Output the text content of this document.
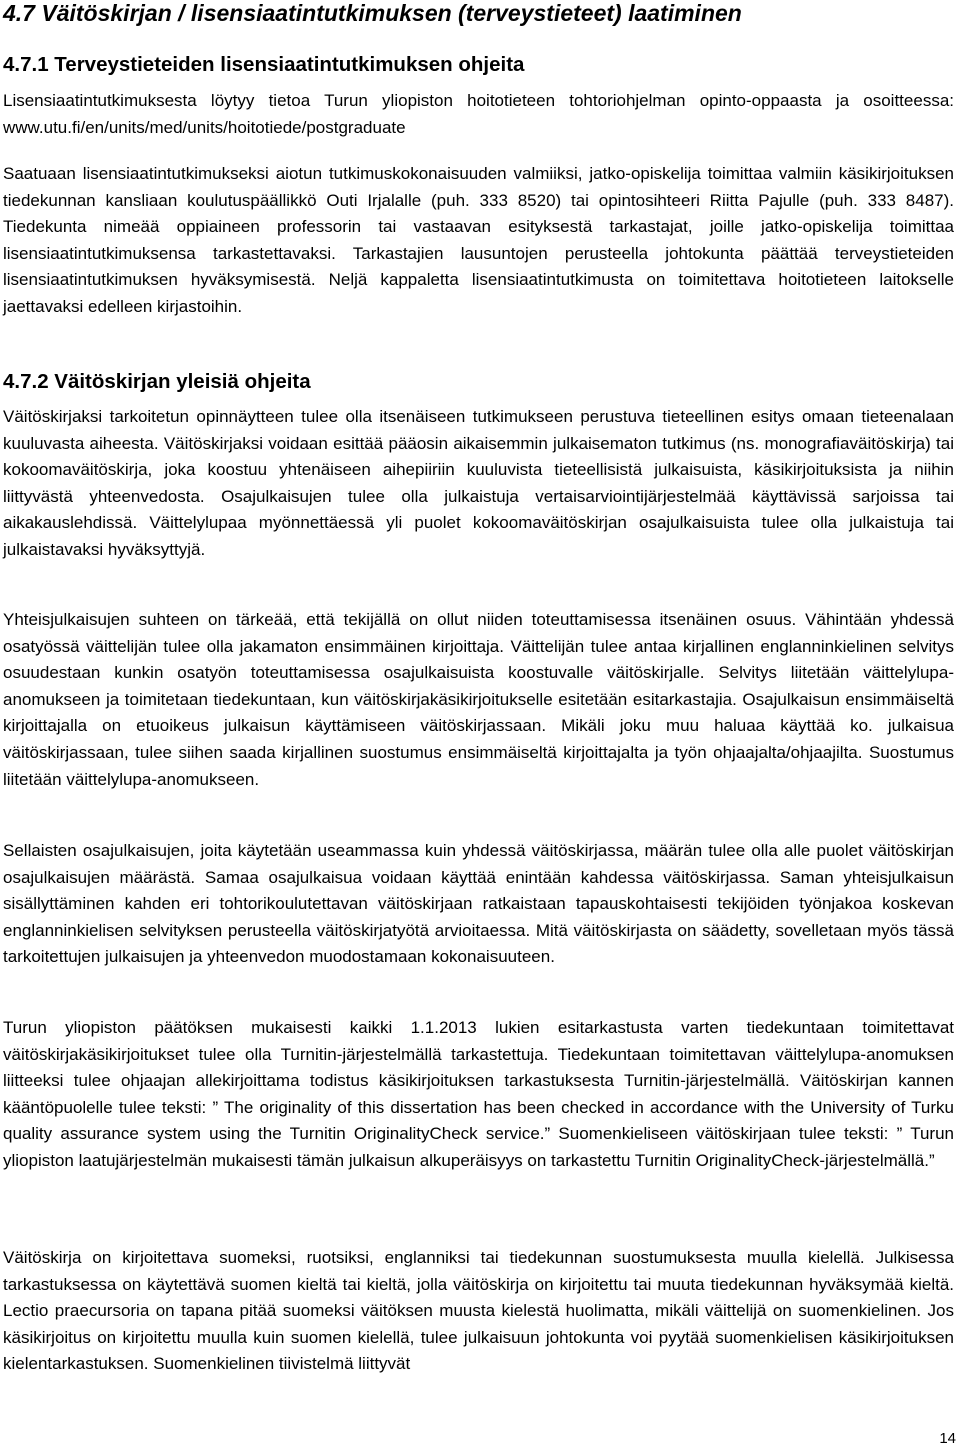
4.7 Väitöskirjan / lisensiaatintutkimuksen (terveystieteet) laatiminen
4.7.1 Terveystieteiden lisensiaatintutkimuksen ohjeita
Lisensiaatintutkimuksesta löytyy tietoa Turun yliopiston hoitotieteen tohtoriohjelman opinto-oppaasta ja osoitteessa: www.utu.fi/en/units/med/units/hoitotiede/postgraduate
Saatuaan lisensiaatintutkimukseksi aiotun tutkimuskokonaisuuden valmiiksi, jatko-opiskelija toimittaa valmiin käsikirjoituksen tiedekunnan kansliaan koulutuspäällikkö Outi Irjalalle (puh. 333 8520) tai opintosihteeri Riitta Pajulle (puh. 333 8487). Tiedekunta nimeää oppiaineen professorin tai vastaavan esityksestä tarkastajat, joille jatko-opiskelija toimittaa lisensiaatintutkimuksensa tarkastettavaksi. Tarkastajien lausuntojen perusteella johtokunta päättää terveystieteiden lisensiaatintutkimuksen hyväksymisestä. Neljä kappaletta lisensiaatintutkimusta on toimitettava hoitotieteen laitokselle jaettavaksi edelleen kirjastoihin.
4.7.2 Väitöskirjan yleisiä ohjeita
Väitöskirjaksi tarkoitetun opinnäytteen tulee olla itsenäiseen tutkimukseen perustuva tieteellinen esitys omaan tieteenalaan kuuluvasta aiheesta. Väitöskirjaksi voidaan esittää pääosin aikaisemmin julkaisematon tutkimus (ns. monografiaväitöskirja) tai kokoomaväitöskirja, joka koostuu yhtenäiseen aihepiiriin kuuluvista tieteellisistä julkaisuista, käsikirjoituksista ja niihin liittyvästä yhteenvedosta. Osajulkaisujen tulee olla julkaistuja vertaisarviointijärjestelmää käyttävissä sarjoissa tai aikakauslehdissä. Väittelylupaa myönnettäessä yli puolet kokoomaväitöskirjan osajulkaisuista tulee olla julkaistuja tai julkaistavaksi hyväksyttyjä.
Yhteisjulkaisujen suhteen on tärkeää, että tekijällä on ollut niiden toteuttamisessa itsenäinen osuus. Vähintään yhdessä osatyössä väittelijän tulee olla jakamaton ensimmäinen kirjoittaja. Väittelijän tulee antaa kirjallinen englanninkielinen selvitys osuudestaan kunkin osatyön toteuttamisessa osajulkaisuista koostuvalle väitöskirjalle. Selvitys liitetään väittelylupa-anomukseen ja toimitetaan tiedekuntaan, kun väitöskirjakäsikirjoitukselle esitetään esitarkastajia. Osajulkaisun ensimmäiseltä kirjoittajalla on etuoikeus julkaisun käyttämiseen väitöskirjassaan. Mikäli joku muu haluaa käyttää ko. julkaisua väitöskirjassaan, tulee siihen saada kirjallinen suostumus ensimmäiseltä kirjoittajalta ja työn ohjaajalta/ohjaajilta. Suostumus liitetään väittelylupa-anomukseen.
Sellaisten osajulkaisujen, joita käytetään useammassa kuin yhdessä väitöskirjassa, määrän tulee olla alle puolet väitöskirjan osajulkaisujen määrästä. Samaa osajulkaisua voidaan käyttää enintään kahdessa väitöskirjassa. Saman yhteisjulkaisun sisällyttäminen kahden eri tohtorikoulutettavan väitöskirjaan ratkaistaan tapauskohtaisesti tekijöiden työnjakoa koskevan englanninkielisen selvityksen perusteella väitöskirjatyötä arvioitaessa. Mitä väitöskirjasta on säädetty, sovelletaan myös tässä tarkoitettujen julkaisujen ja yhteenvedon muodostamaan kokonaisuuteen.
Turun yliopiston päätöksen mukaisesti kaikki 1.1.2013 lukien esitarkastusta varten tiedekuntaan toimitettavat väitöskirjakäsikirjoitukset tulee olla Turnitin-järjestelmällä tarkastettuja. Tiedekuntaan toimitettavan väittelylupa-anomuksen liitteeksi tulee ohjaajan allekirjoittama todistus käsikirjoituksen tarkastuksesta Turnitin-järjestelmällä. Väitöskirjan kannen kääntöpuolelle tulee teksti: ” The originality of this dissertation has been checked in accordance with the University of Turku quality assurance system using the Turnitin OriginalityCheck service.” Suomenkieliseen väitöskirjaan tulee teksti: ” Turun yliopiston laatujärjestelmän mukaisesti tämän julkaisun alkuperäisyys on tarkastettu Turnitin OriginalityCheck-järjestelmällä.”
Väitöskirja on kirjoitettava suomeksi, ruotsiksi, englanniksi tai tiedekunnan suostumuksesta muulla kielellä. Julkisessa tarkastuksessa on käytettävä suomen kieltä tai kieltä, jolla väitöskirja on kirjoitettu tai muuta tiedekunnan hyväksymää kieltä. Lectio praecursoria on tapana pitää suomeksi väitöksen muusta kielestä huolimatta, mikäli väittelijä on suomenkielinen. Jos käsikirjoitus on kirjoitettu muulla kuin suomen kielellä, tulee julkaisuun johtokunta voi pyytää suomenkielisen käsikirjoituksen kielentarkastuksen. Suomenkielinen tiivistelmä liittyvät
14
